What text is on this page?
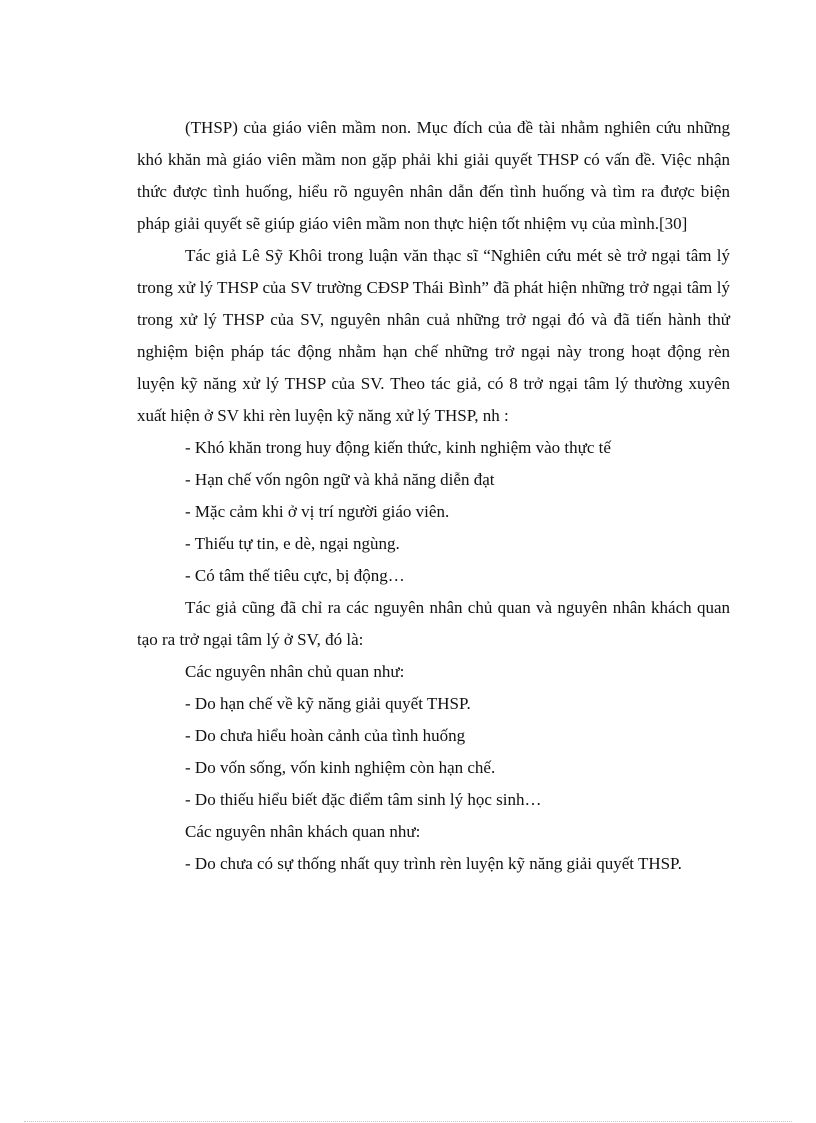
(THSP) của giáo viên mầm non. Mục đích của đề tài nhằm nghiên cứu những khó khăn mà giáo viên mầm non gặp phải khi giải quyết THSP có vấn đề. Việc nhận thức được tình huống, hiểu rõ nguyên nhân dẫn đến tình huống và tìm ra được biện pháp giải quyết sẽ giúp giáo viên mầm non thực hiện tốt nhiệm vụ của mình.[30]

Tác giả Lê Sỹ Khôi trong luận văn thạc sĩ “Nghiên cứu mét sè trở ngại tâm lý trong xử lý THSP của SV trường CĐSP Thái Bình” đã phát hiện những trở ngại tâm lý trong xử lý THSP của SV, nguyên nhân cuả những trở ngại đó và đã tiến hành thử nghiệm biện pháp tác động nhằm hạn chế những trở ngại này trong hoạt động rèn luyện kỹ năng xử lý THSP của SV. Theo tác giả, có 8 trở ngại tâm lý thường xuyên xuất hiện ở SV khi rèn luyện kỹ năng xử lý THSP, nh :

- Khó khăn trong huy động kiến thức, kinh nghiệm vào thực tế

- Hạn chế vốn ngôn ngữ và khả năng diễn đạt

- Mặc cảm khi ở vị trí người giáo viên.

- Thiếu tự tin, e dè, ngại ngùng.

- Có tâm thế tiêu cực, bị động…

Tác giả cũng đã chỉ ra các nguyên nhân chủ quan và nguyên nhân khách quan tạo ra trở ngại tâm lý ở SV, đó là:

Các nguyên nhân chủ quan như:

- Do hạn chế về kỹ năng giải quyết THSP.

- Do chưa hiểu hoàn cảnh của tình huống

- Do vốn sống, vốn kinh nghiệm còn hạn chế.

- Do thiếu hiểu biết đặc điểm tâm sinh lý học sinh…

Các nguyên nhân khách quan như:

- Do chưa có sự thống nhất quy trình rèn luyện kỹ năng giải quyết THSP.
